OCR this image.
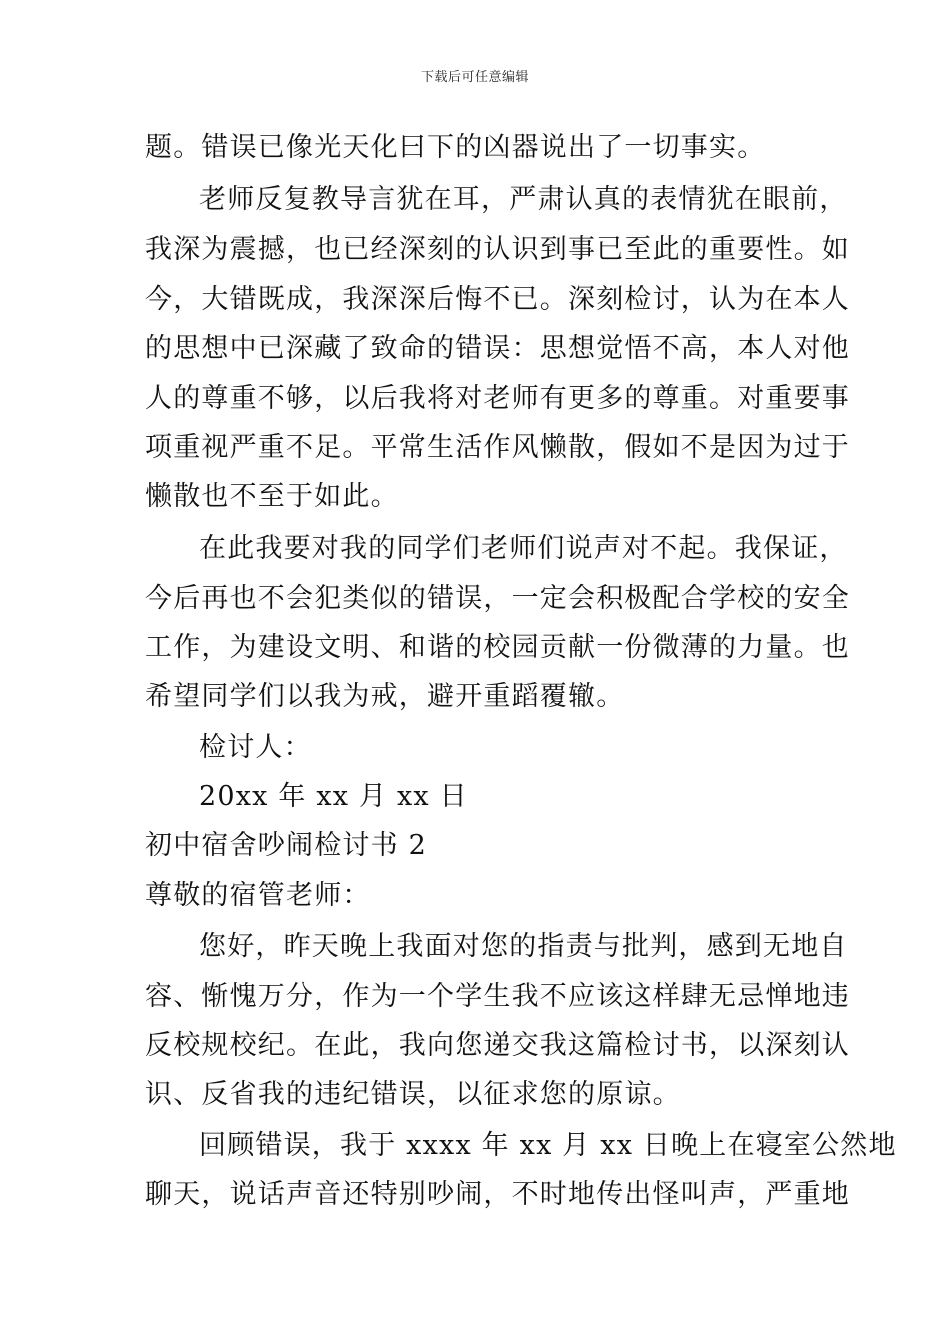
下载后可任意编辑
题。错误已像光天化曰下的凶器说出了一切事实。
老师反复教导言犹在耳，严肃认真的表情犹在眼前，
我深为震撼，也已经深刻的认识到事已至此的重要性。如
今，大错既成，我深深后悔不已。深刻检讨，认为在本人
的思想中已深藏了致命的错误：思想觉悟不高，本人对他
人的尊重不够，以后我将对老师有更多的尊重。对重要事
项重视严重不足。平常生活作风懒散，假如不是因为过于
懒散也不至于如此。
在此我要对我的同学们老师们说声对不起。我保证，
今后再也不会犯类似的错误，一定会积极配合学校的安全
工作，为建设文明、和谐的校园贡献一份微薄的力量。也
希望同学们以我为戒，避开重蹈覆辙。
检讨人：
20xx 年 xx 月 xx 日
初中宿舍吵闹检讨书 2
尊敬的宿管老师：
您好，昨天晚上我面对您的指责与批判，感到无地自
容、惭愧万分，作为一个学生我不应该这样肆无忌惮地违
反校规校纪。在此，我向您递交我这篇检讨书，以深刻认
识、反省我的违纪错误，以征求您的原谅。
回顾错误，我于 xxxx 年 xx 月 xx 日晚上在寝室公然地
聊天，说话声音还特别吵闹，不时地传出怪叫声，严重地
